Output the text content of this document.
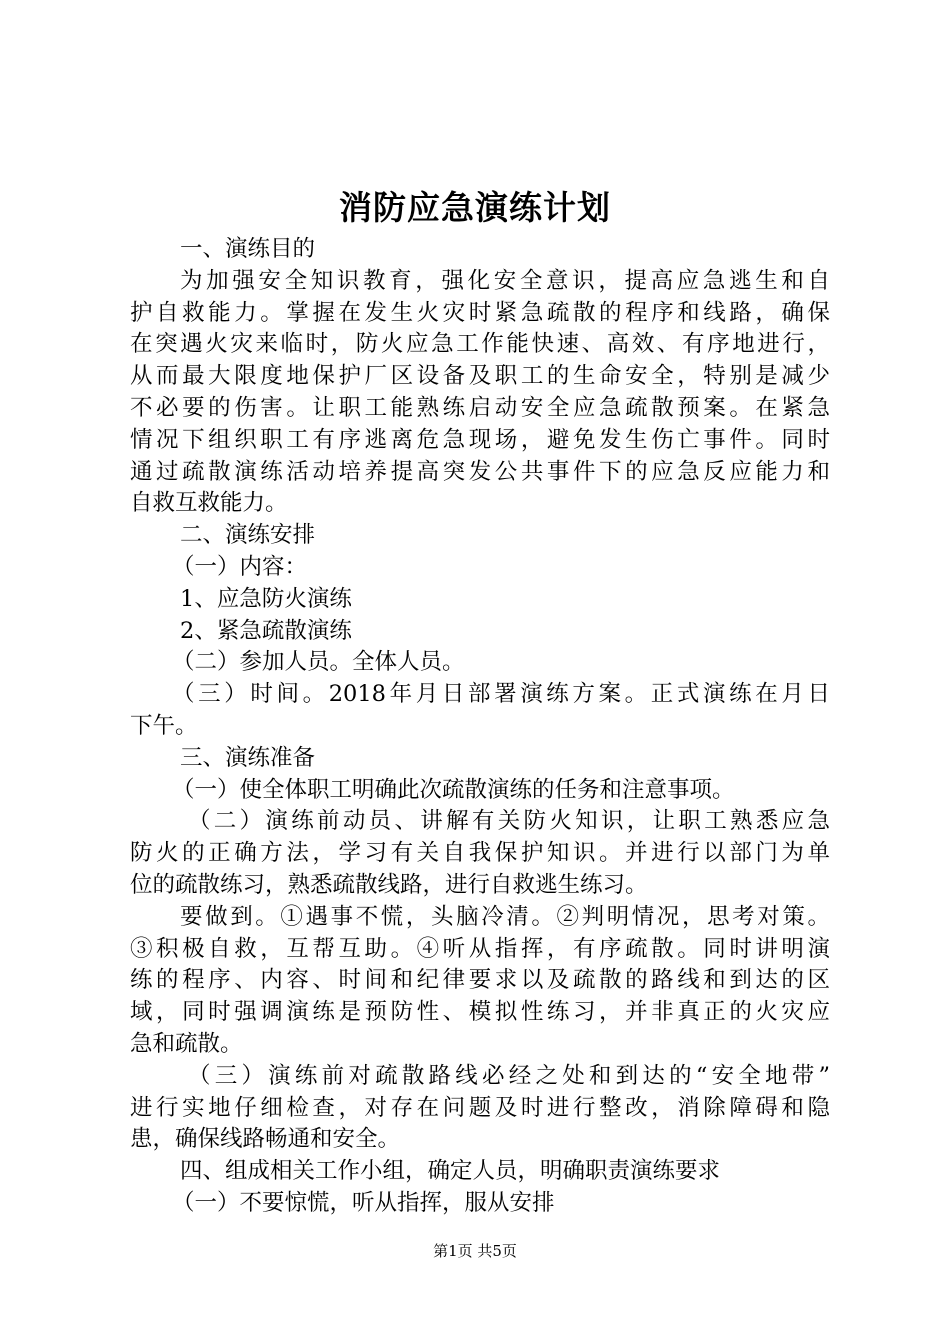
消防应急演练计划
一、演练目的
为加强安全知识教育，强化安全意识，提高应急逃生和自
护自救能力。掌握在发生火灾时紧急疏散的程序和线路，确保
在突遇火灾来临时，防火应急工作能快速、高效、有序地进行，
从而最大限度地保护厂区设备及职工的生命安全，特别是减少
不必要的伤害。让职工能熟练启动安全应急疏散预案。在紧急
情况下组织职工有序逃离危急现场，避免发生伤亡事件。同时
通过疏散演练活动培养提高突发公共事件下的应急反应能力和
自救互救能力。
二、演练安排
（一）内容：
1、应急防火演练
2、紧急疏散演练
（二）参加人员。全体人员。
（三）时间。2018年月日部署演练方案。正式演练在月日
下午。
三、演练准备
（一）使全体职工明确此次疏散演练的任务和注意事项。
（二）演练前动员、讲解有关防火知识，让职工熟悉应急
防火的正确方法，学习有关自我保护知识。并进行以部门为单
位的疏散练习，熟悉疏散线路，进行自救逃生练习。
要做到。①遇事不慌，头脑冷清。②判明情况，思考对策。
③积极自救，互帮互助。④听从指挥，有序疏散。同时讲明演
练的程序、内容、时间和纪律要求以及疏散的路线和到达的区
域，同时强调演练是预防性、模拟性练习，并非真正的火灾应
急和疏散。
（三）演练前对疏散路线必经之处和到达的“安全地带”
进行实地仔细检查，对存在问题及时进行整改，消除障碍和隐
患，确保线路畅通和安全。
四、组成相关工作小组，确定人员，明确职责演练要求
（一）不要惊慌，听从指挥，服从安排
第1页 共5页
